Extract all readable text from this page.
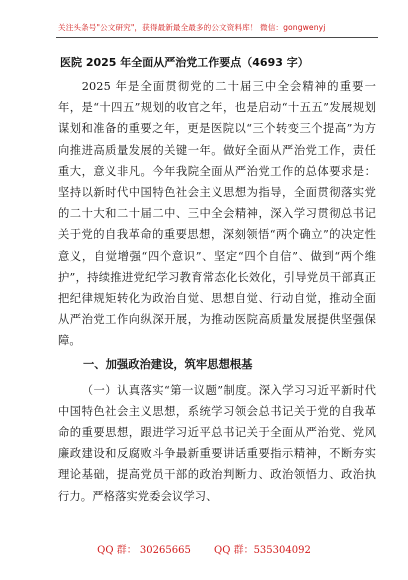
关注头条号"公文研究"，获得最新最全最多的公文资料库！ 微信：gongwenyj
医院 2025 年全面从严治党工作要点（4693 字）

2025 年是全面贯彻党的二十届三中全会精神的重要一年，是“十四五”规划的收官之年，也是启动“十五五”发展规划谋划和准备的重要之年，更是医院以“三个转变三个提高”为方向推进高质量发展的关键一年。做好全面从严治党工作，责任重大，意义非凡。今年我院全面从严治党工作的总体要求是：坚持以新时代中国特色社会主义思想为指导，全面贯彻落实党的二十大和二十届二中、三中全会精神，深入学习贯彻总书记关于党的自我革命的重要思想，深刻领悟“两个确立”的决定性意义，自觉增强“四个意识”、坚定“四个自信”、做到“两个维护”，持续推进党纪学习教育常态化长效化，引导党员干部真正把纪律规矩转化为政治自觉、思想自觉、行动自觉，推动全面从严治党工作向纵深开展，为推动医院高质量发展提供坚强保障。

一、加强政治建设，筑牢思想根基

（一）认真落实“第一议题”制度。深入学习习近平新时代中国特色社会主义思想，系统学习领会总书记关于党的自我革命的重要思想，跟进学习近平总书记关于全面从严治党、党风廉政建设和反腐败斗争最新重要讲话重要指示精神，不断夯实理论基础，提高党员干部的政治判断力、政治领悟力、政治执行力。严格落实党委会议学习、

QQ 群： 30265665 QQ 群：535304092
